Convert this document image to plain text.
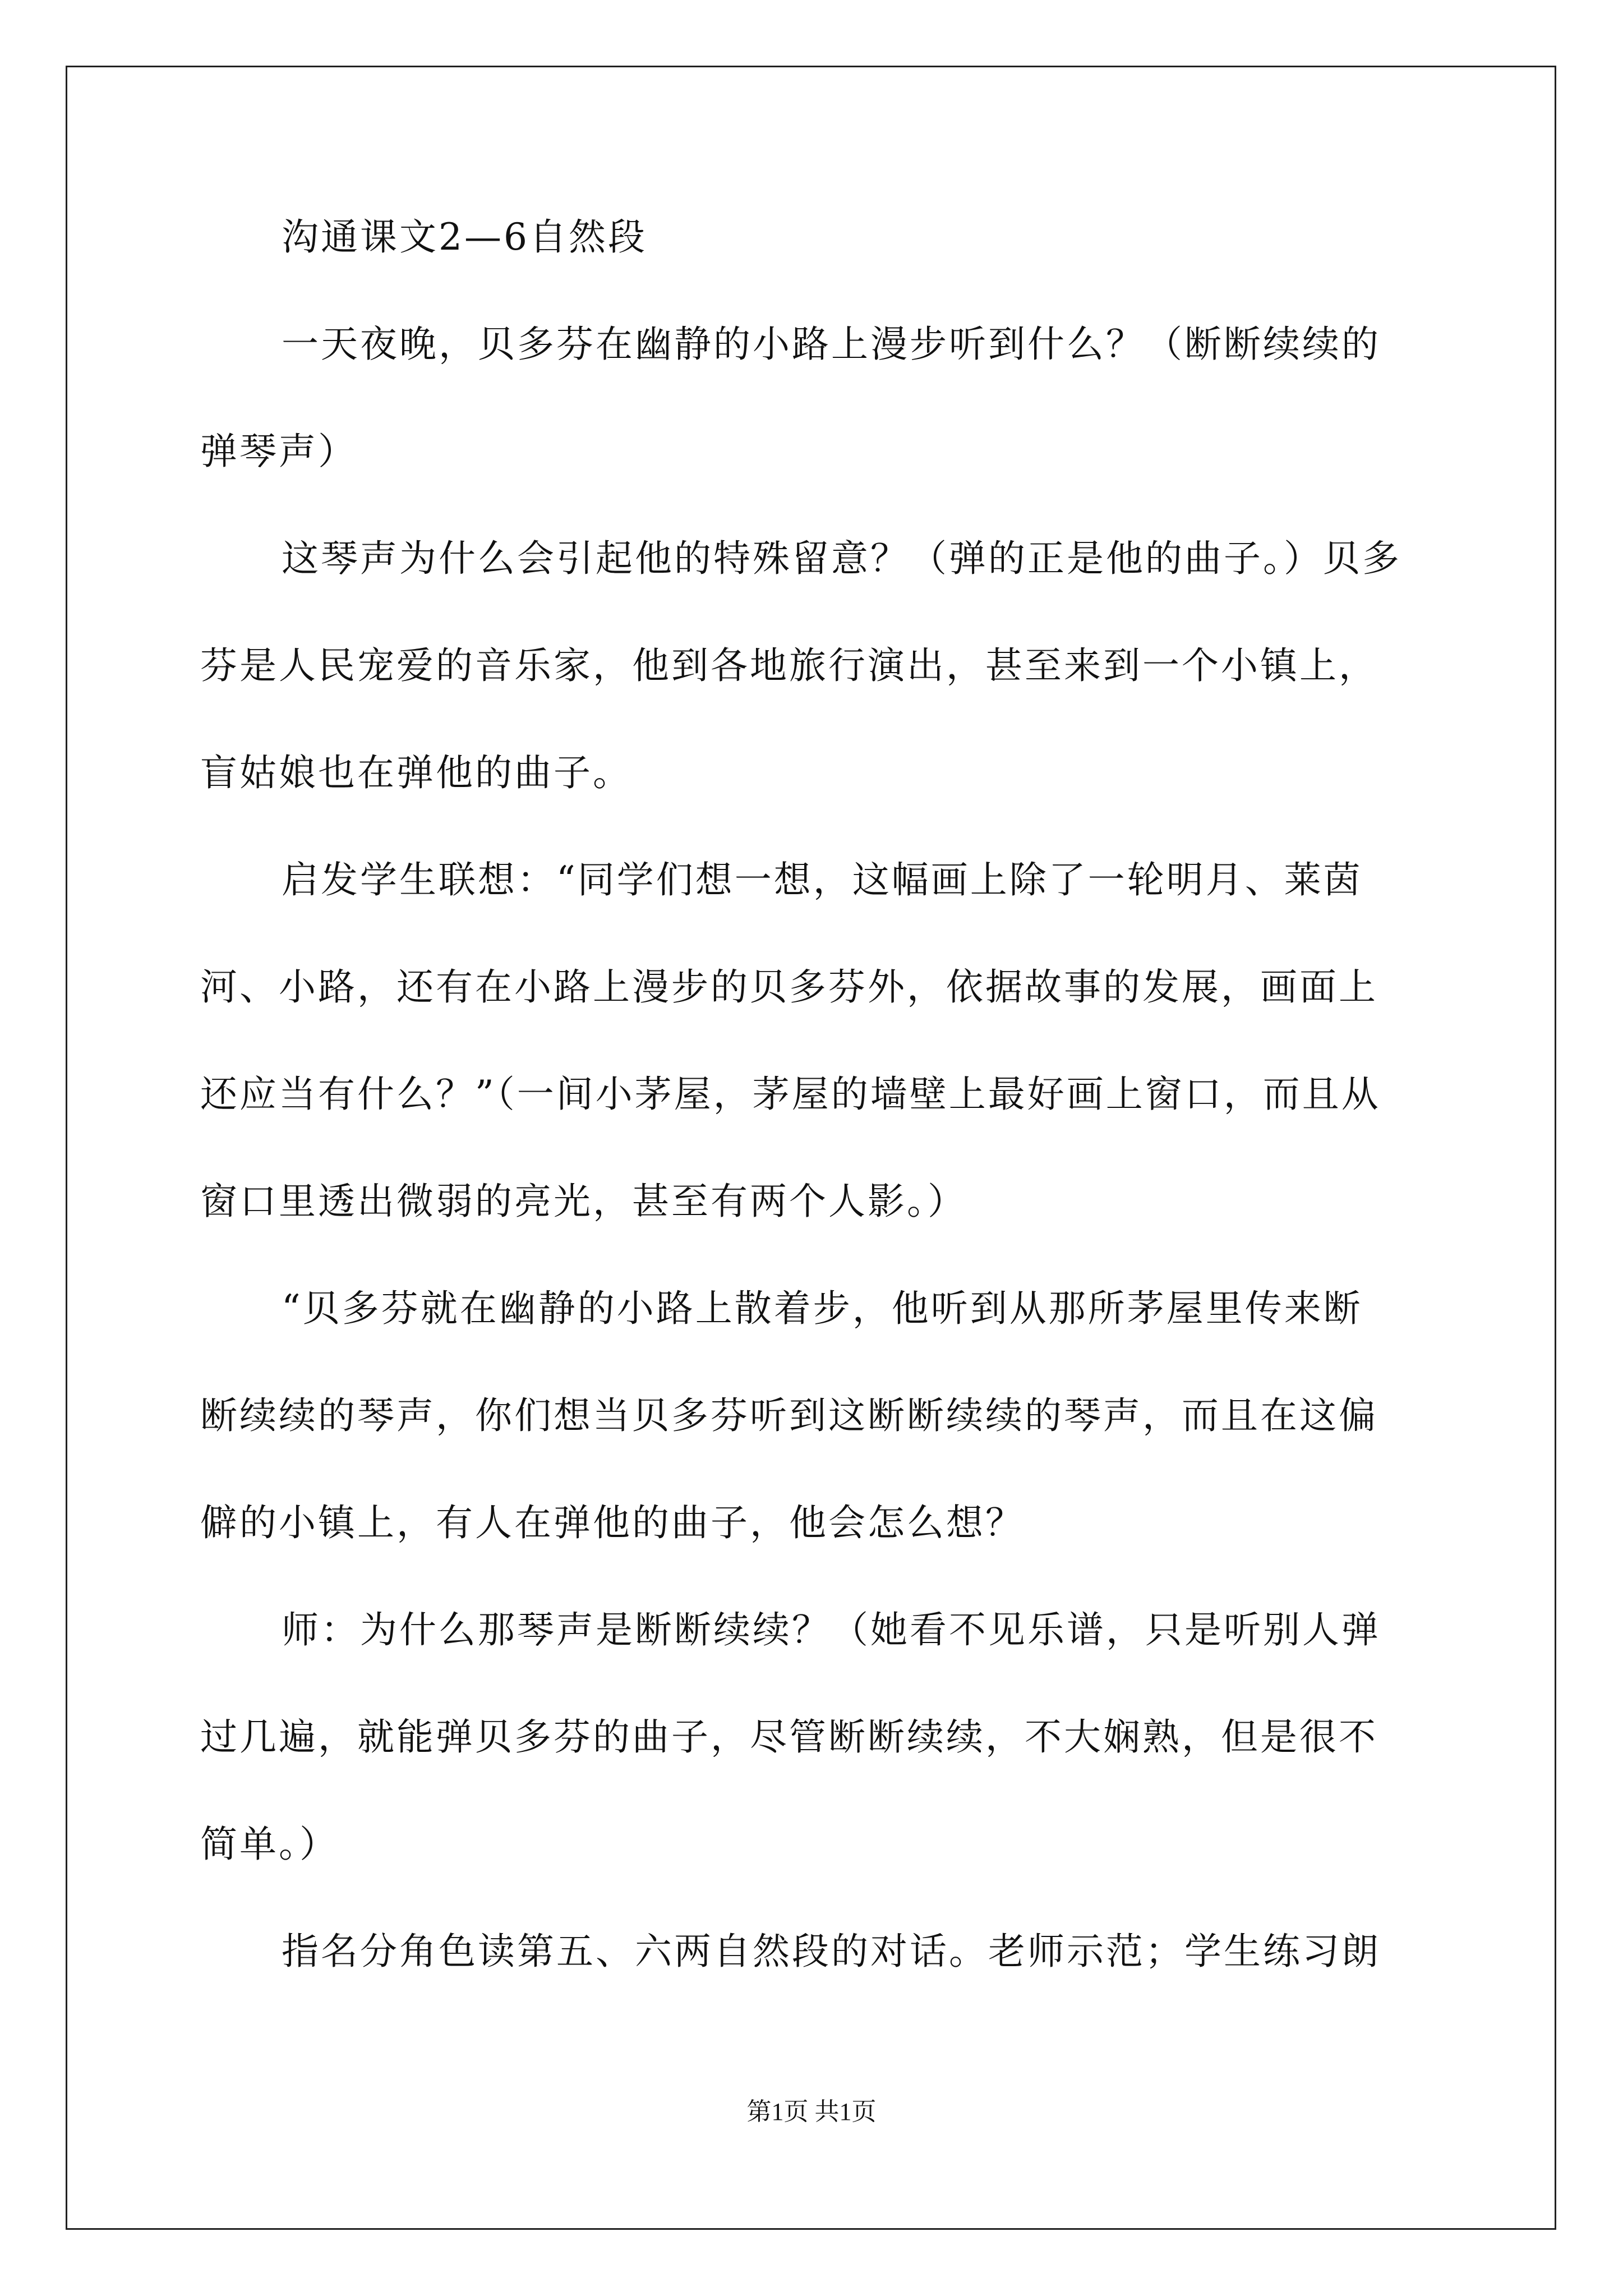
沟通课文2—6自然段

一天夜晚，贝多芬在幽静的小路上漫步听到什么？（断断续续的

弹琴声）

这琴声为什么会引起他的特殊留意？（弹的正是他的曲子。）贝多

芬是人民宠爱的音乐家，他到各地旅行演出，甚至来到一个小镇上，

盲姑娘也在弹他的曲子。

启发学生联想：“同学们想一想，这幅画上除了一轮明月、莱茵

河、小路，还有在小路上漫步的贝多芬外，依据故事的发展，画面上

还应当有什么？”（一间小茅屋，茅屋的墙壁上最好画上窗口，而且从

窗口里透出微弱的亮光，甚至有两个人影。）

“贝多芬就在幽静的小路上散着步，他听到从那所茅屋里传来断

断续续的琴声，你们想当贝多芬听到这断断续续的琴声，而且在这偏

僻的小镇上，有人在弹他的曲子，他会怎么想？

师：为什么那琴声是断断续续？（她看不见乐谱，只是听别人弹

过几遍，就能弹贝多芬的曲子，尽管断断续续，不大娴熟，但是很不

简单。）

指名分角色读第五、六两自然段的对话。老师示范；学生练习朗

第1页 共1页
